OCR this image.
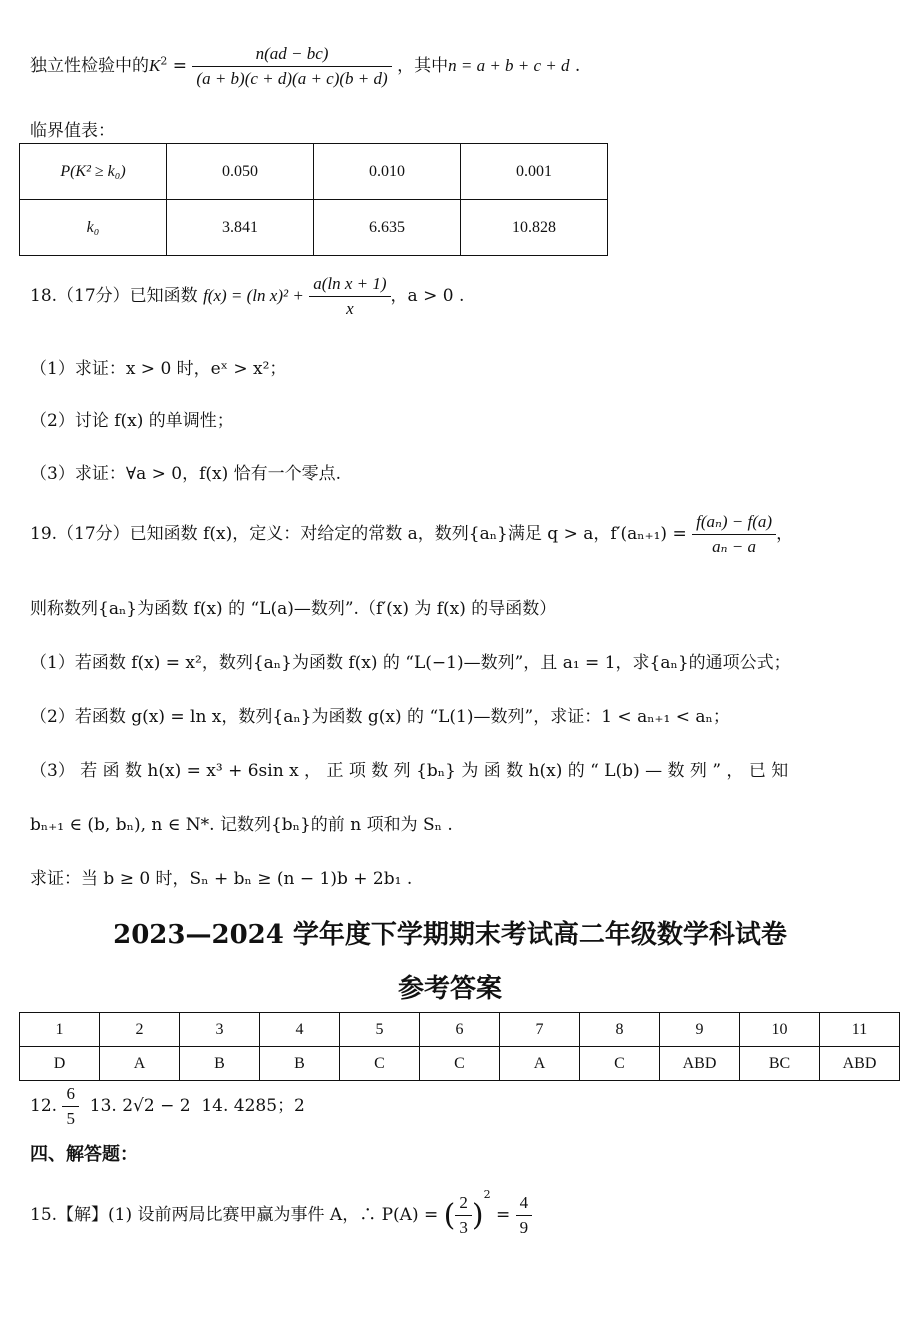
独立性检验中的$K^2 = \frac{n(ad - bc)}{(a + b)(c + d)(a + c)(b + d)}$ ，其中n = a + b + c + d .
临界值表：
P(K² ≥ k₀)	0.050	0.010	0.001
k₀	3.841	6.635	10.828
18.（17分）已知函数 f(x) = (ln $x)^2 + \frac{\text{a(ln x + 1)}}{x}$ ，a > 0 .
（1）求证：x > 0 时，eˣ > x²；
（2）讨论 f(x) 的单调性；
（3）求证：∀a > 0，f(x) 恰有一个零点.
19.（17分）已知函数 f(x)，定义：对给定的常数 a，数列{aₙ}满足 q > a，$f'(a_{n+1}) = \frac{\text{f(aₙ) − f(a)}}{\text{aₙ − a}}$ ，
则称数列{aₙ}为函数 f(x) 的 “L(a)—数列”.（f′(x) 为 f(x) 的导函数）
（1）若函数 f(x) = x²，数列{aₙ}为函数 f(x) 的 “L(−1)—数列”，且 a₁ = 1，求{aₙ}的通项公式；
（2）若函数 g(x) = ln x，数列{aₙ}为函数 g(x) 的 “L(1)—数列”，求证：1 < aₙ₊₁ < aₙ；
（3） 若 函 数 h(x) = x³ + 6sin x ， 正 项 数 列 {bₙ} 为 函 数 h(x) 的 “ L(b) — 数 列 ” ， 已 知
bₙ₊₁ ∈ (b, bₙ), n ∈ N*. 记数列{bₙ}的前 n 项和为 Sₙ .
求证：当 b ≥ 0 时，Sₙ + bₙ ≥ (n − 1)b + 2b₁ .
2023—2024 学年度下学期期末考试高二年级数学科试卷
参考答案
1	2	3	4	5	6	7	8	9	10	11
D	A	B	B	C	C	A	C	ABD	BC	ABD
12. $\frac{6}{5} 13$. 2√2 − 2 14. 4285；2
四、解答题：
15.【解】(1) 设前两局比赛甲赢为事件 A，∴ P(A) = ( $\frac{2}{3} )^2 = \frac{4}{9}$
